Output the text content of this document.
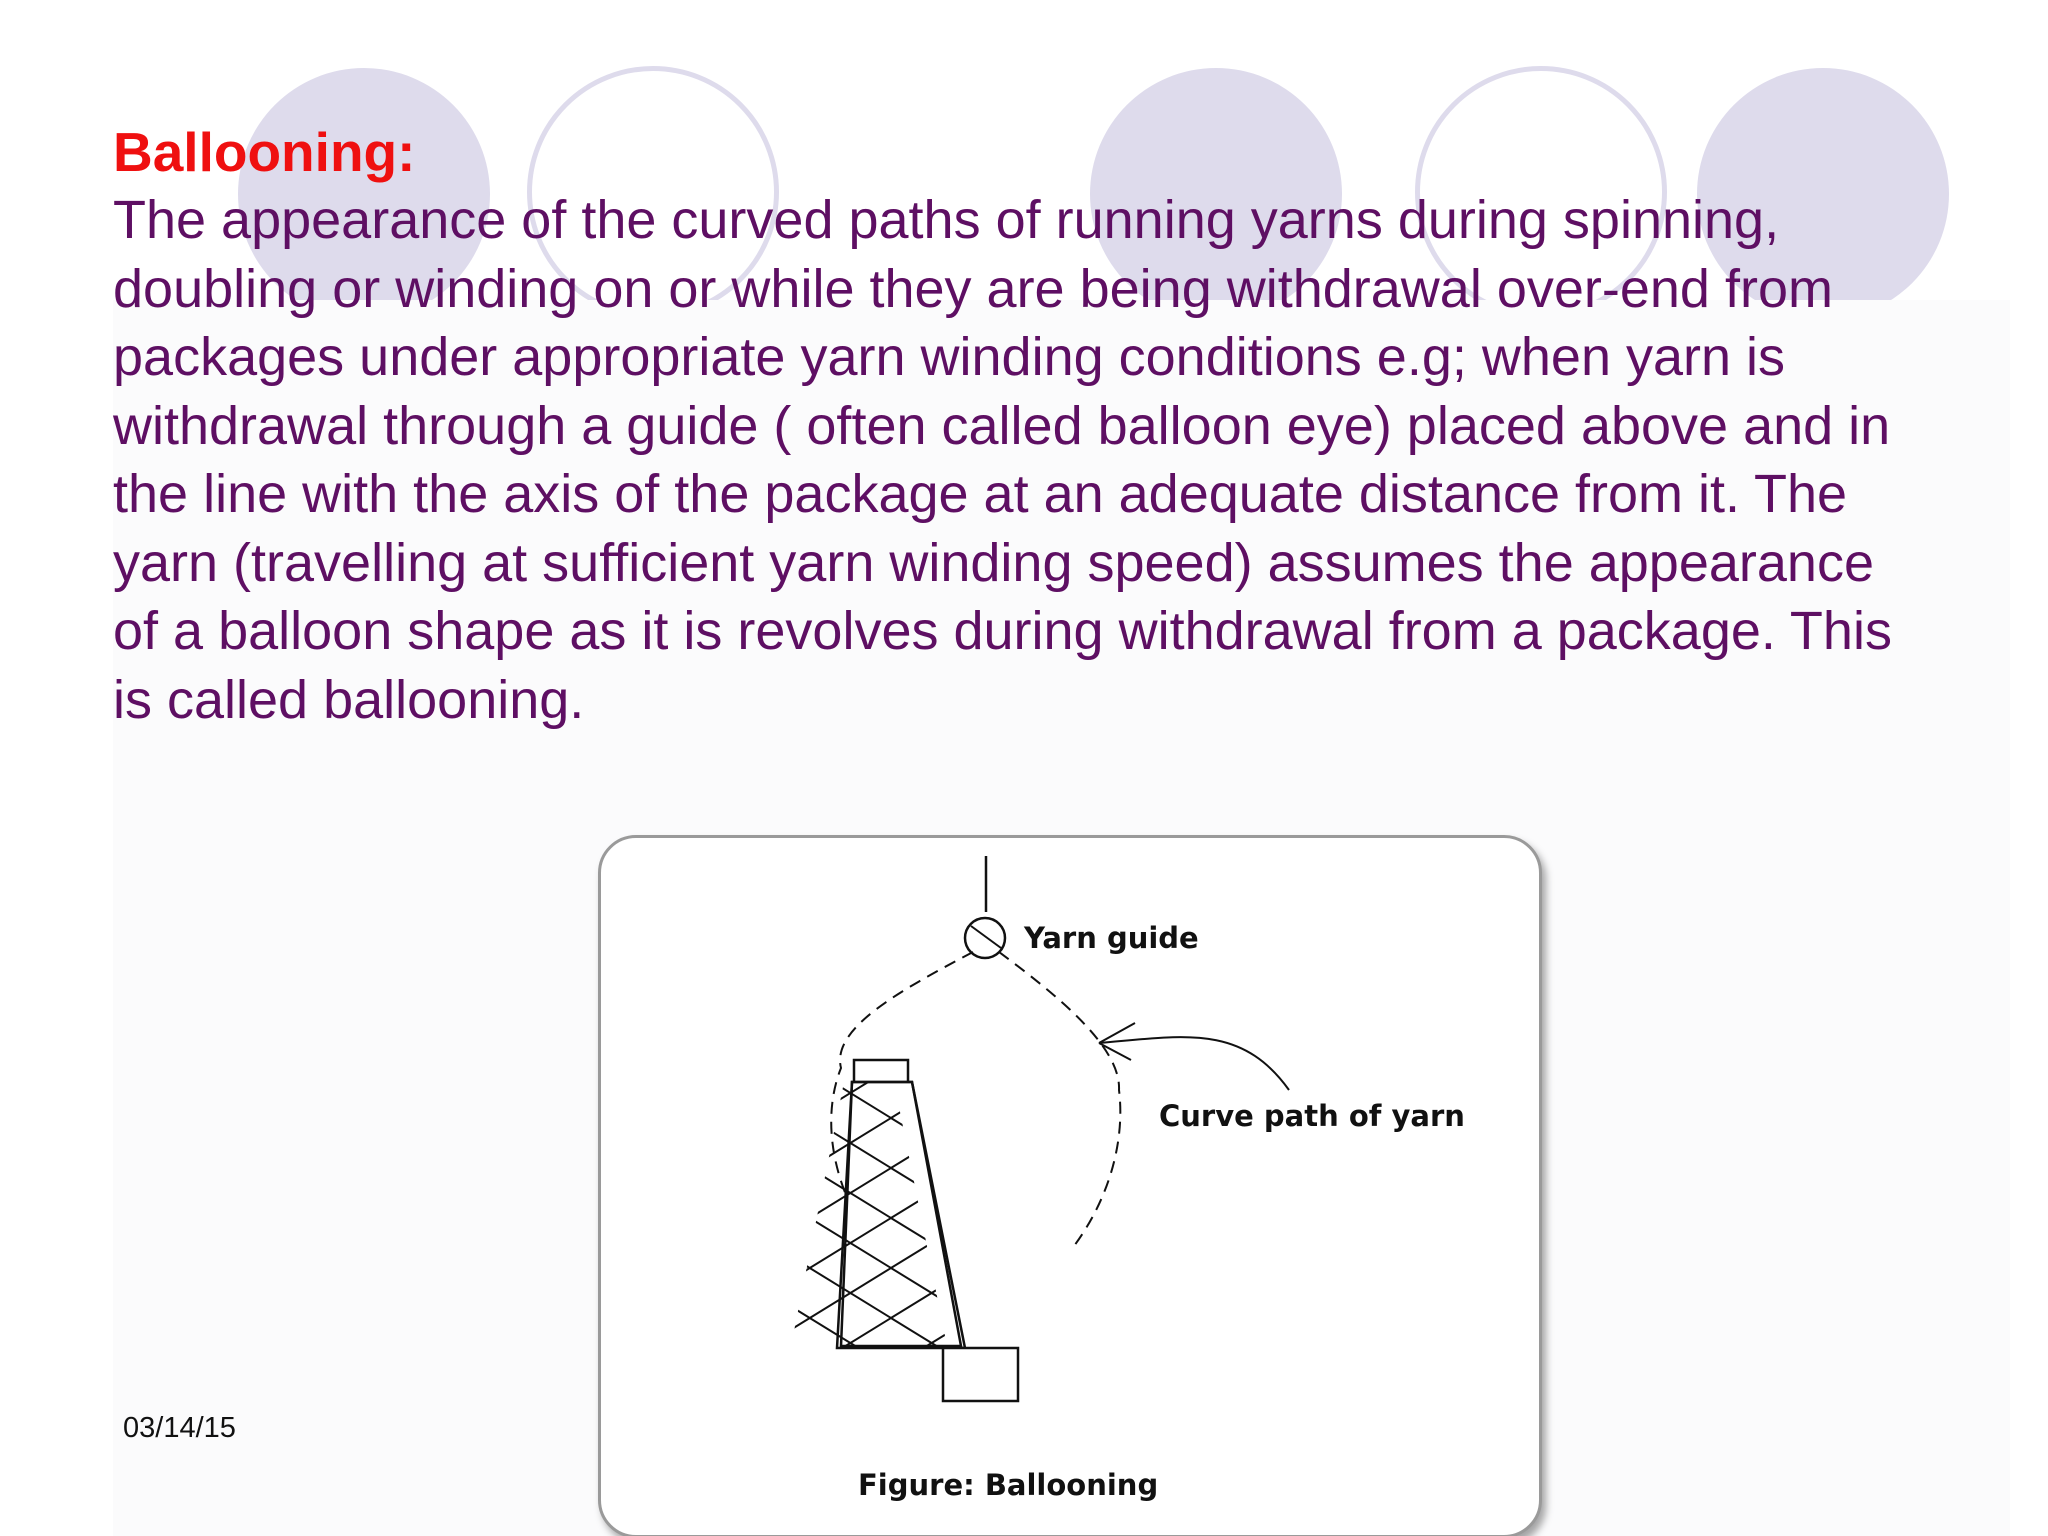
Ballooning:

The appearance of the curved paths of running yarns during spinning,
doubling or winding on or while they are being withdrawal over-end from
packages under appropriate yarn winding conditions e.g; when yarn is
withdrawal through a guide ( often called balloon eye) placed above and in
the line with the axis of the package at an adequate distance from it. The
yarn (travelling at sufficient yarn winding speed) assumes the appearance
of a balloon shape as it is revolves during withdrawal from a package. This
is called ballooning.

03/14/15
Yarn guide
Curve path of yarn
Figure: Ballooning
